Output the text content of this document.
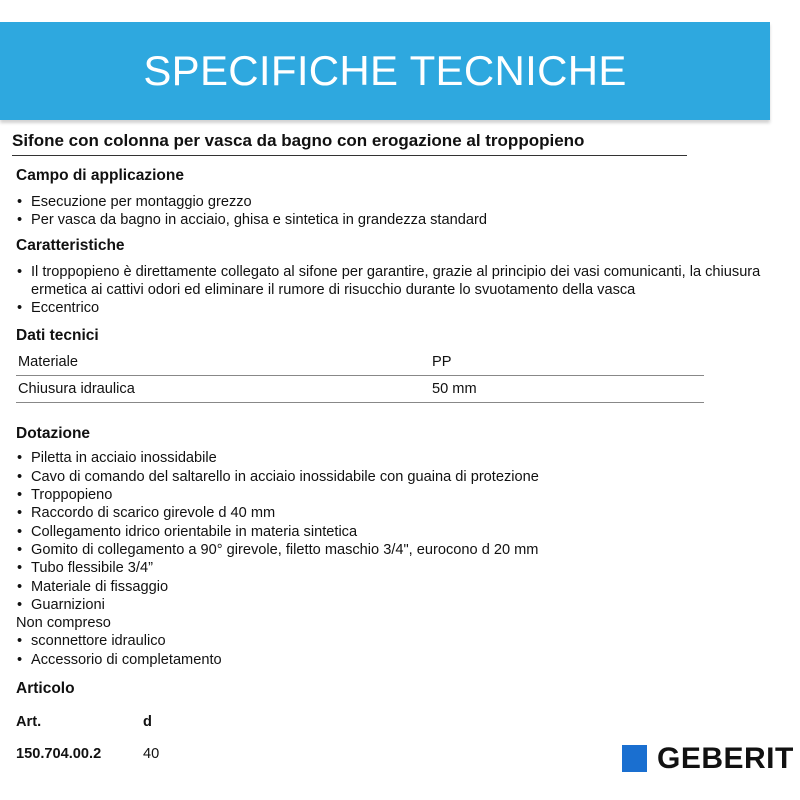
SPECIFICHE TECNICHE
Sifone con colonna per vasca da bagno con erogazione al troppopieno
Campo di applicazione
• Esecuzione per montaggio grezzo
• Per vasca da bagno in acciaio, ghisa e sintetica in grandezza standard
Caratteristiche
• Il troppopieno è direttamente collegato al sifone per garantire, grazie al principio dei vasi comunicanti, la chiusura ermetica ai cattivi odori ed eliminare il rumore di risucchio durante lo svuotamento della vasca
• Eccentrico
Dati tecnici
Materiale	PP
Chiusura idraulica	50 mm
Dotazione
• Piletta in acciaio inossidabile
• Cavo di comando del saltarello in acciaio inossidabile con guaina di protezione
• Troppopieno
• Raccordo di scarico girevole d 40 mm
• Collegamento idrico orientabile in materia sintetica
• Gomito di collegamento a 90° girevole, filetto maschio 3/4", eurocono d 20 mm
• Tubo flessibile 3/4”
• Materiale di fissaggio
• Guarnizioni
Non compreso
• sconnettore idraulico
• Accessorio di completamento
Articolo
Art.	d
150.704.00.2	40	GEBERIT
